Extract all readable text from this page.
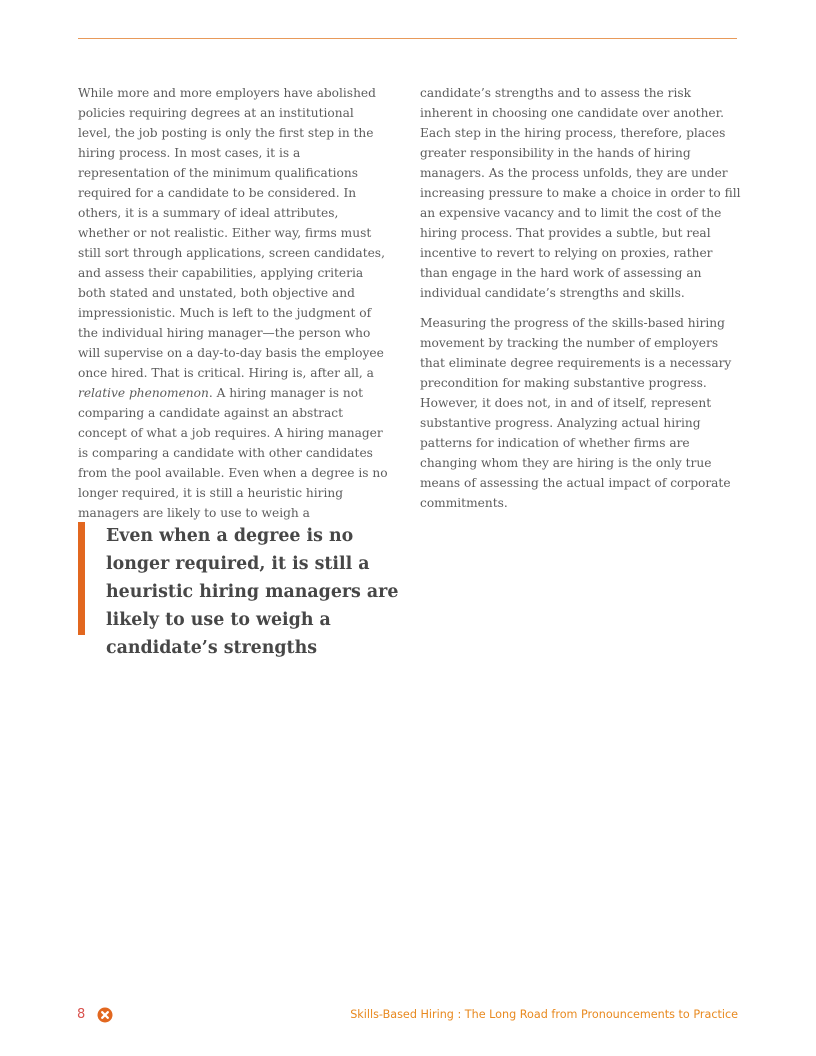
While more and more employers have abolished policies requiring degrees at an institutional level, the job posting is only the first step in the hiring process. In most cases, it is a representation of the minimum qualifications required for a candidate to be considered. In others, it is a summary of ideal attributes, whether or not realistic. Either way, firms must still sort through applications, screen candidates, and assess their capabilities, applying criteria both stated and unstated, both objective and impressionistic. Much is left to the judgment of the individual hiring manager—the person who will supervise on a day-to-day basis the employee once hired. That is critical. Hiring is, after all, a relative phenomenon. A hiring manager is not comparing a candidate against an abstract concept of what a job requires. A hiring manager is comparing a candidate with other candidates from the pool available. Even when a degree is no longer required, it is still a heuristic hiring managers are likely to use to weigh a

candidate’s strengths and to assess the risk inherent in choosing one candidate over another. Each step in the hiring process, therefore, places greater responsibility in the hands of hiring managers. As the process unfolds, they are under increasing pressure to make a choice in order to fill an expensive vacancy and to limit the cost of the hiring process. That provides a subtle, but real incentive to revert to relying on proxies, rather than engage in the hard work of assessing an individual candidate’s strengths and skills.

Measuring the progress of the skills-based hiring movement by tracking the number of employers that eliminate degree requirements is a necessary precondition for making substantive progress. However, it does not, in and of itself, represent substantive progress. Analyzing actual hiring patterns for indication of whether firms are changing whom they are hiring is the only true means of assessing the actual impact of corporate commitments.

Even when a degree is no longer required, it is still a heuristic hiring managers are likely to use to weigh a candidate’s strengths
8	Skills-Based Hiring : The Long Road from Pronouncements to Practice
